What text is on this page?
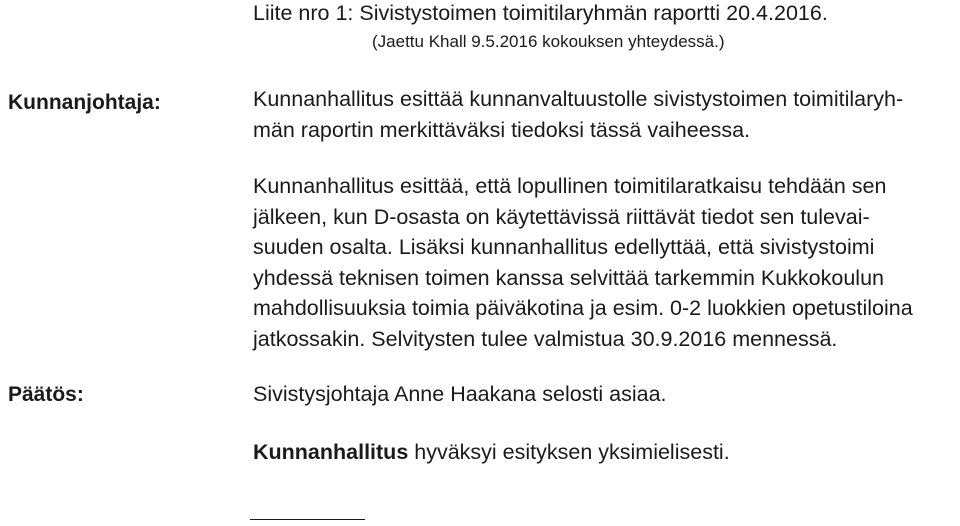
Liite nro 1: Sivistystoimen toimitilaryhmän raportti 20.4.2016.
(Jaettu Khall 9.5.2016 kokouksen yhteydessä.)
Kunnanjohtaja:	Kunnanhallitus esittää kunnanvaltuustolle sivistystoimen toimitilaryh-
män raportin merkittäväksi tiedoksi tässä vaiheessa.
Kunnanhallitus esittää, että lopullinen toimitilaratkaisu tehdään sen
jälkeen, kun D-osasta on käytettävissä riittävät tiedot sen tulevai-
suuden osalta. Lisäksi kunnanhallitus edellyttää, että sivistystoimi
yhdessä teknisen toimen kanssa selvittää tarkemmin Kukkokoulun
mahdollisuuksia toimia päiväkotina ja esim. 0-2 luokkien opetustiloina
jatkossakin. Selvitysten tulee valmistua 30.9.2016 mennessä.
Päätös:	Sivistysjohtaja Anne Haakana selosti asiaa.
Kunnanhallitus hyväksyi esityksen yksimielisesti.
